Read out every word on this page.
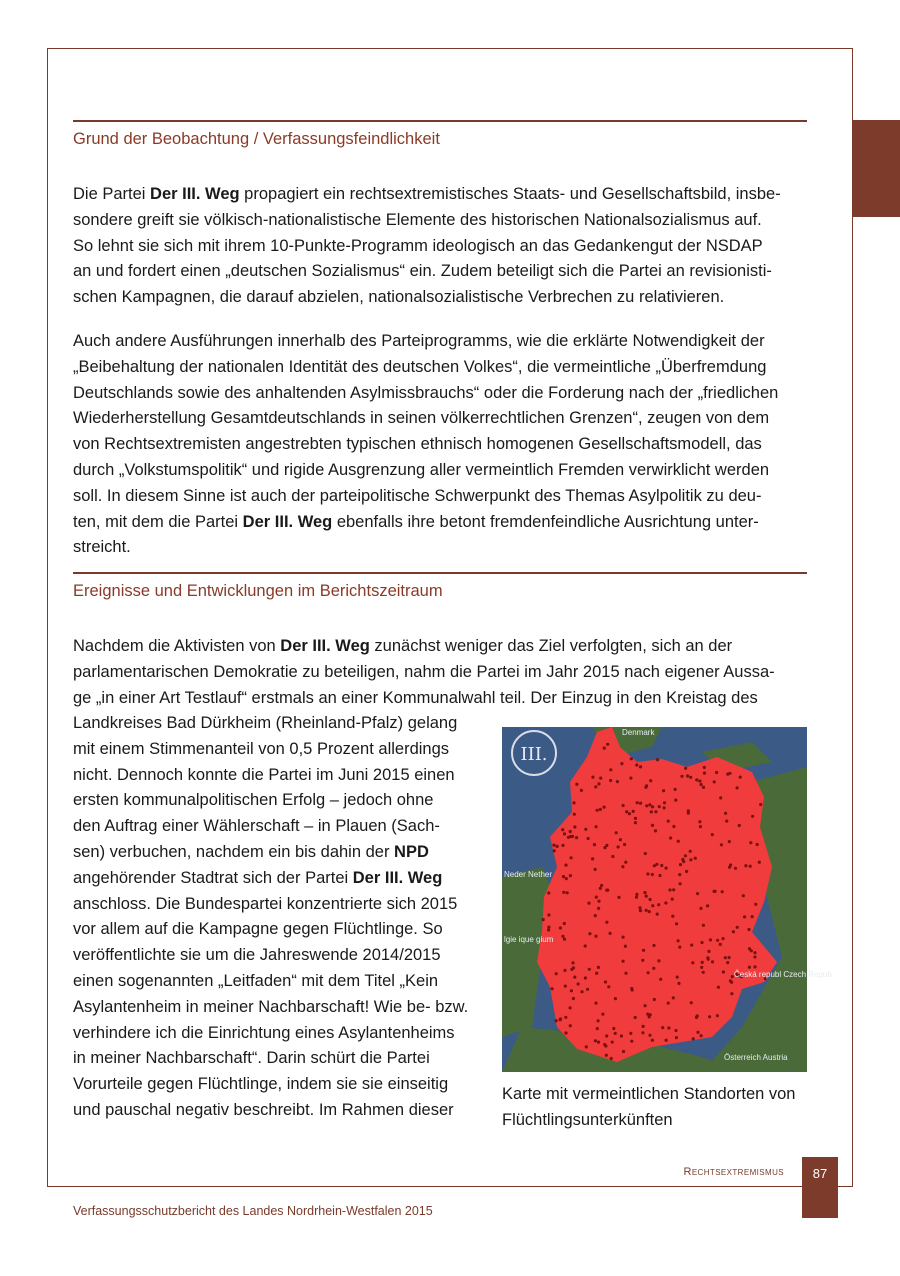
Grund der Beobachtung / Verfassungsfeindlichkeit
Die Partei Der III. Weg propagiert ein rechtsextremistisches Staats- und Gesellschaftsbild, insbe-
sondere greift sie völkisch-nationalistische Elemente des historischen Nationalsozialismus auf.
So lehnt sie sich mit ihrem 10-Punkte-Programm ideologisch an das Gedankengut der NSDAP
an und fordert einen „deutschen Sozialismus“ ein. Zudem beteiligt sich die Partei an revisionisti-
schen Kampagnen, die darauf abzielen, nationalsozialistische Verbrechen zu relativieren.
Auch andere Ausführungen innerhalb des Parteiprogramms, wie die erklärte Notwendigkeit der
„Beibehaltung der nationalen Identität des deutschen Volkes“, die vermeintliche „Überfremdung
Deutschlands sowie des anhaltenden Asylmissbrauchs“ oder die Forderung nach der „friedlichen
Wiederherstellung Gesamtdeutschlands in seinen völkerrechtlichen Grenzen“, zeugen von dem
von Rechtsextremisten angestrebten typischen ethnisch homogenen Gesellschaftsmodell, das
durch „Volkstumspolitik“ und rigide Ausgrenzung aller vermeintlich Fremden verwirklicht werden
soll. In diesem Sinne ist auch der parteipolitische Schwerpunkt des Themas Asylpolitik zu deu-
ten, mit dem die Partei Der III. Weg ebenfalls ihre betont fremdenfeindliche Ausrichtung unter-
streicht.
Ereignisse und Entwicklungen im Berichtszeitraum
Nachdem die Aktivisten von Der III. Weg zunächst weniger das Ziel verfolgten, sich an der
parlamentarischen Demokratie zu beteiligen, nahm die Partei im Jahr 2015 nach eigener Aussa-
ge „in einer Art Testlauf“ erstmals an einer Kommunalwahl teil. Der Einzug in den Kreistag des
Landkreises Bad Dürkheim (Rheinland-Pfalz) gelang
mit einem Stimmenanteil von 0,5 Prozent allerdings
nicht. Dennoch konnte die Partei im Juni 2015 einen
ersten kommunalpolitischen Erfolg – jedoch ohne
den Auftrag einer Wählerschaft – in Plauen (Sach-
sen) verbuchen, nachdem ein bis dahin der NPD
angehörender Stadtrat sich der Partei Der III. Weg
anschloss. Die Bundespartei konzentrierte sich 2015
vor allem auf die Kampagne gegen Flüchtlinge. So
veröffentlichte sie um die Jahreswende 2014/2015
einen sogenannten „Leitfaden“ mit dem Titel „Kein
Asylantenheim in meiner Nachbarschaft! Wie be- bzw.
verhindere ich die Einrichtung eines Asylantenheims
in meiner Nachbarschaft“. Darin schürt die Partei
Vorurteile gegen Flüchtlinge, indem sie sie einseitig
und pauschal negativ beschreibt. Im Rahmen dieser
III.
Denmark
Neder Nether
lgie ique gium
Česká republ Czech Repub
Österreich Austria
Karte mit vermeintlichen Standorten von
Flüchtlingsunterkünften
Rechtsextremismus	87
Verfassungsschutzbericht des Landes Nordrhein-Westfalen 2015
